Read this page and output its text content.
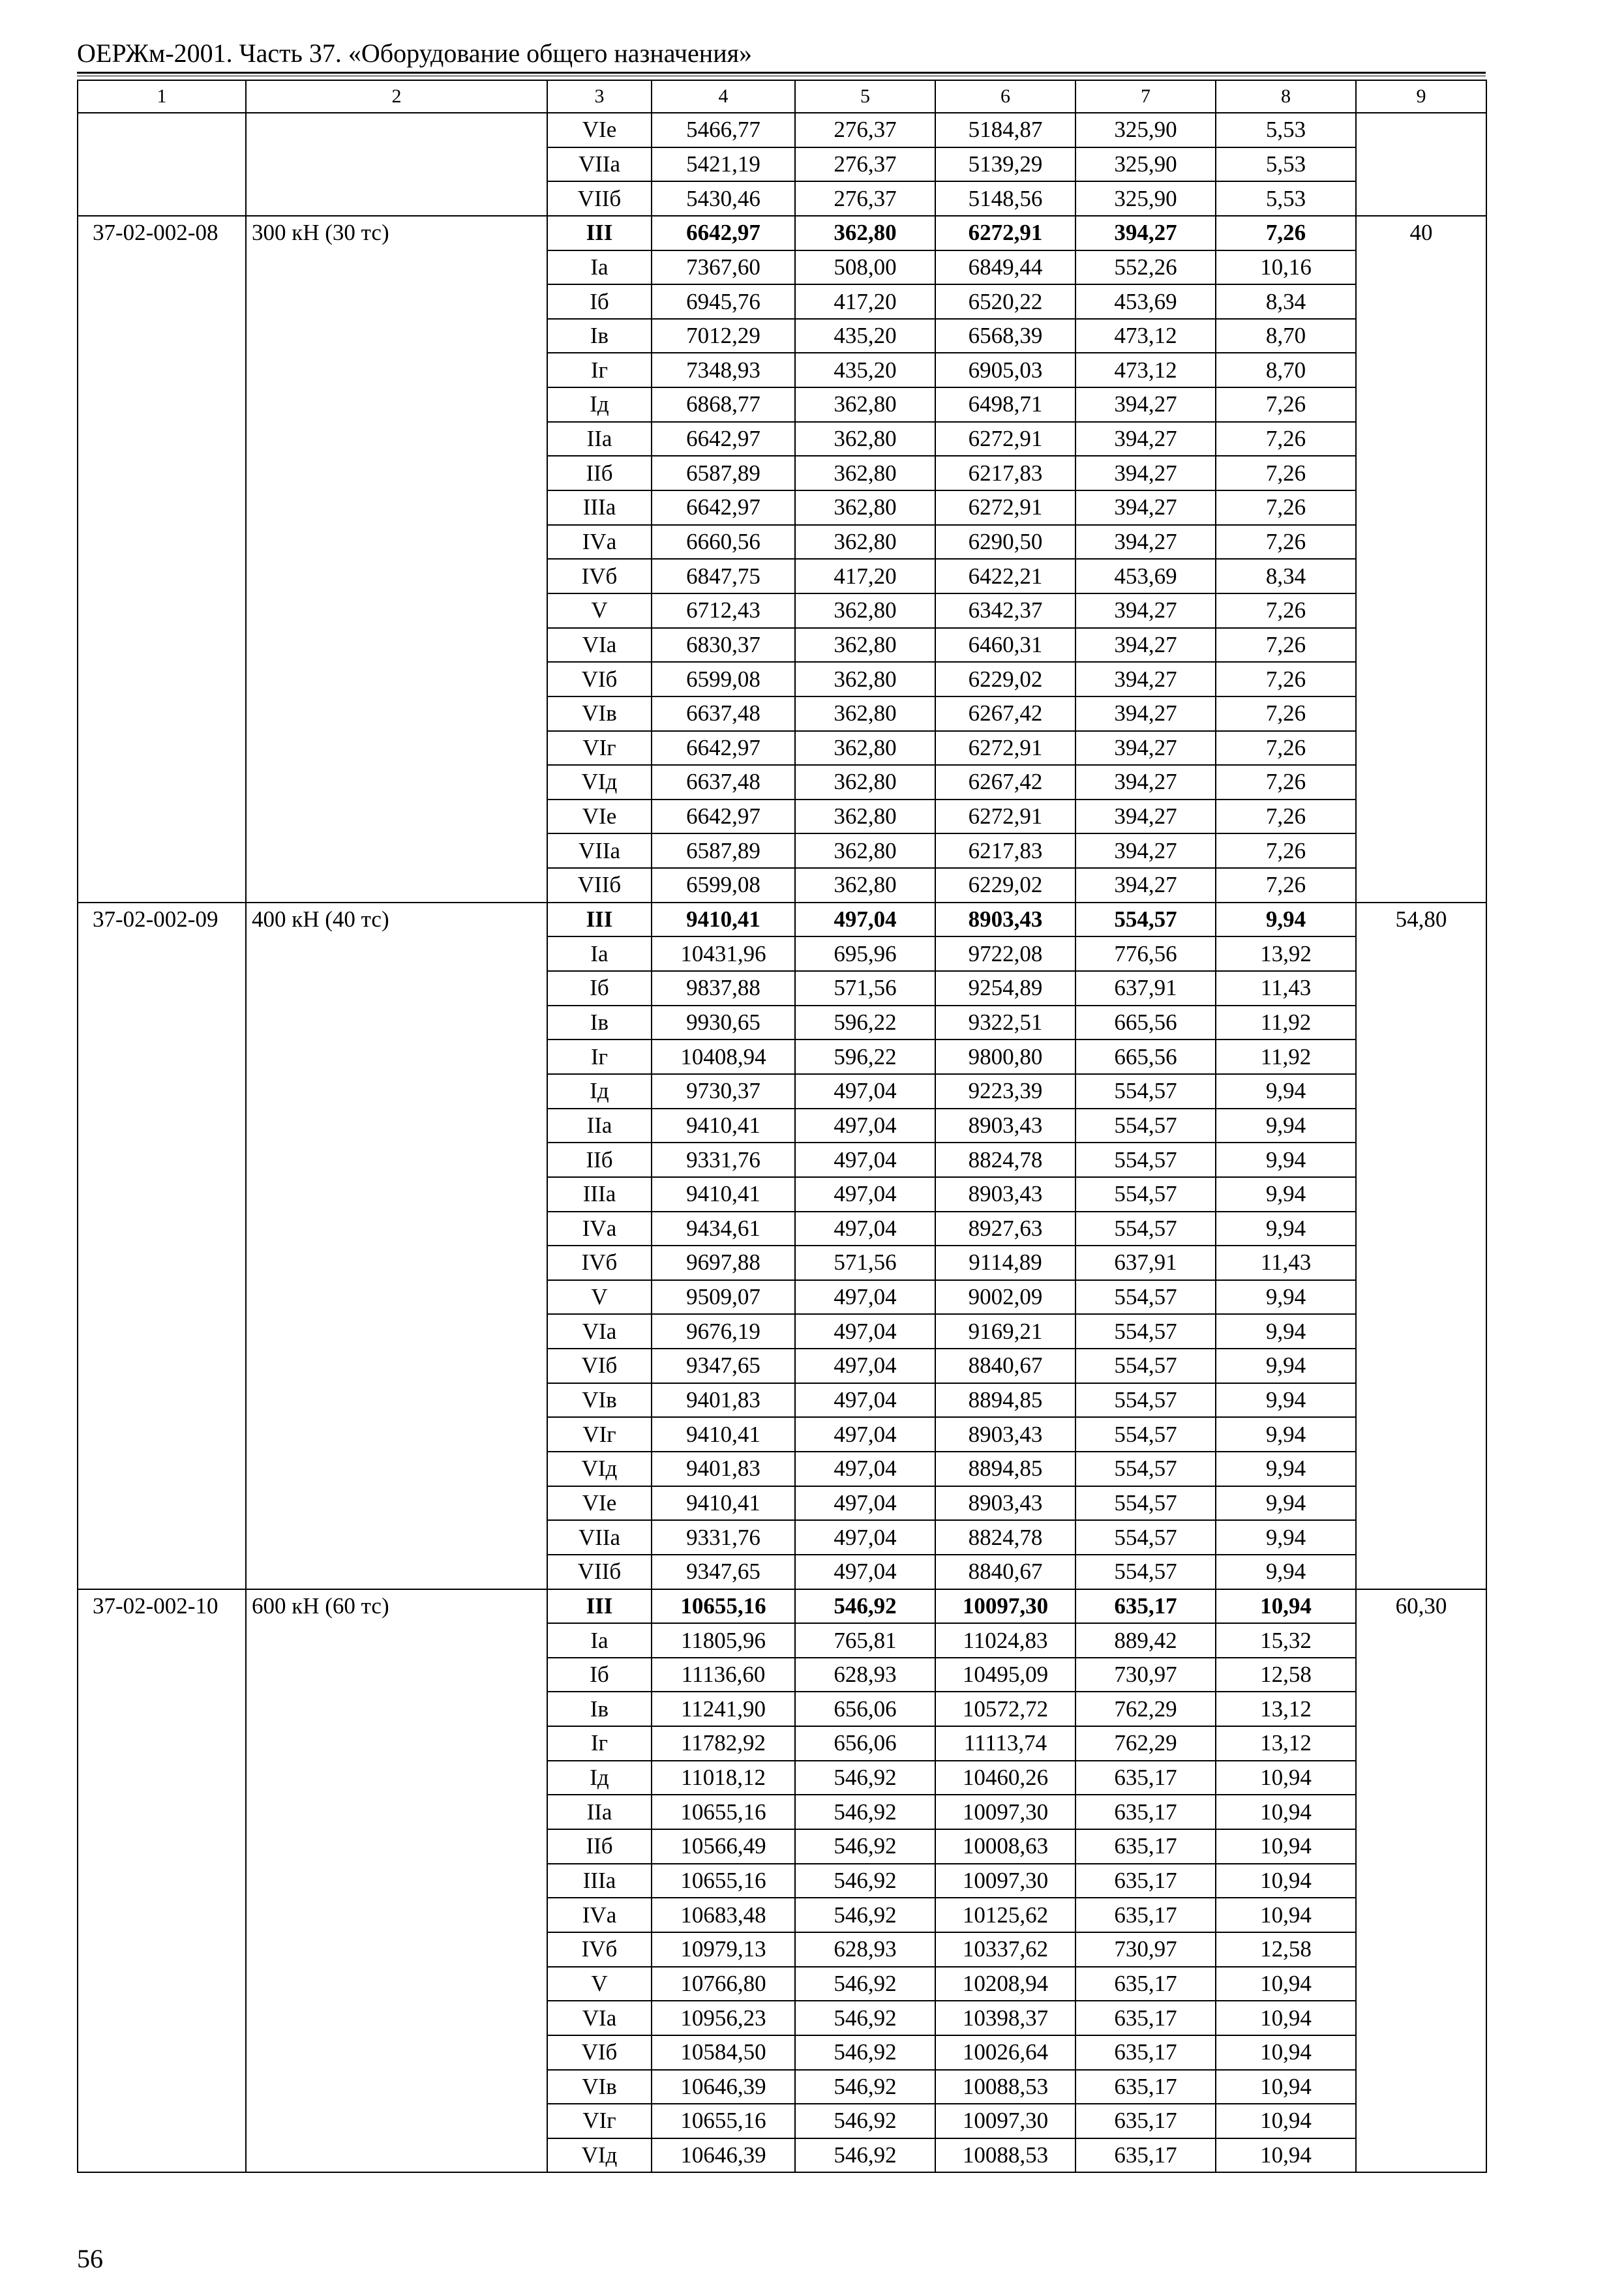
ОЕРЖм-2001. Часть 37. «Оборудование общего назначения»
1	2	3	4	5	6	7	8	9
		VIе	5466,77	276,37	5184,87	325,90	5,53	
		VIIа	5421,19	276,37	5139,29	325,90	5,53	
		VIIб	5430,46	276,37	5148,56	325,90	5,53	
37-02-002-08	300 кН (30 тс)	III	6642,97	362,80	6272,91	394,27	7,26	40
		Iа	7367,60	508,00	6849,44	552,26	10,16	
		Iб	6945,76	417,20	6520,22	453,69	8,34	
		Iв	7012,29	435,20	6568,39	473,12	8,70	
		Iг	7348,93	435,20	6905,03	473,12	8,70	
		Iд	6868,77	362,80	6498,71	394,27	7,26	
		IIа	6642,97	362,80	6272,91	394,27	7,26	
		IIб	6587,89	362,80	6217,83	394,27	7,26	
		IIIа	6642,97	362,80	6272,91	394,27	7,26	
		IVа	6660,56	362,80	6290,50	394,27	7,26	
		IVб	6847,75	417,20	6422,21	453,69	8,34	
		V	6712,43	362,80	6342,37	394,27	7,26	
		VIа	6830,37	362,80	6460,31	394,27	7,26	
		VIб	6599,08	362,80	6229,02	394,27	7,26	
		VIв	6637,48	362,80	6267,42	394,27	7,26	
		VIг	6642,97	362,80	6272,91	394,27	7,26	
		VIд	6637,48	362,80	6267,42	394,27	7,26	
		VIе	6642,97	362,80	6272,91	394,27	7,26	
		VIIа	6587,89	362,80	6217,83	394,27	7,26	
		VIIб	6599,08	362,80	6229,02	394,27	7,26	
37-02-002-09	400 кН (40 тс)	III	9410,41	497,04	8903,43	554,57	9,94	54,80
		Iа	10431,96	695,96	9722,08	776,56	13,92	
		Iб	9837,88	571,56	9254,89	637,91	11,43	
		Iв	9930,65	596,22	9322,51	665,56	11,92	
		Iг	10408,94	596,22	9800,80	665,56	11,92	
		Iд	9730,37	497,04	9223,39	554,57	9,94	
		IIа	9410,41	497,04	8903,43	554,57	9,94	
		IIб	9331,76	497,04	8824,78	554,57	9,94	
		IIIа	9410,41	497,04	8903,43	554,57	9,94	
		IVа	9434,61	497,04	8927,63	554,57	9,94	
		IVб	9697,88	571,56	9114,89	637,91	11,43	
		V	9509,07	497,04	9002,09	554,57	9,94	
		VIа	9676,19	497,04	9169,21	554,57	9,94	
		VIб	9347,65	497,04	8840,67	554,57	9,94	
		VIв	9401,83	497,04	8894,85	554,57	9,94	
		VIг	9410,41	497,04	8903,43	554,57	9,94	
		VIд	9401,83	497,04	8894,85	554,57	9,94	
		VIе	9410,41	497,04	8903,43	554,57	9,94	
		VIIа	9331,76	497,04	8824,78	554,57	9,94	
		VIIб	9347,65	497,04	8840,67	554,57	9,94	
37-02-002-10	600 кН (60 тс)	III	10655,16	546,92	10097,30	635,17	10,94	60,30
		Iа	11805,96	765,81	11024,83	889,42	15,32	
		Iб	11136,60	628,93	10495,09	730,97	12,58	
		Iв	11241,90	656,06	10572,72	762,29	13,12	
		Iг	11782,92	656,06	11113,74	762,29	13,12	
		Iд	11018,12	546,92	10460,26	635,17	10,94	
		IIа	10655,16	546,92	10097,30	635,17	10,94	
		IIб	10566,49	546,92	10008,63	635,17	10,94	
		IIIа	10655,16	546,92	10097,30	635,17	10,94	
		IVа	10683,48	546,92	10125,62	635,17	10,94	
		IVб	10979,13	628,93	10337,62	730,97	12,58	
		V	10766,80	546,92	10208,94	635,17	10,94	
		VIа	10956,23	546,92	10398,37	635,17	10,94	
		VIб	10584,50	546,92	10026,64	635,17	10,94	
		VIв	10646,39	546,92	10088,53	635,17	10,94	
		VIг	10655,16	546,92	10097,30	635,17	10,94	
		VIд	10646,39	546,92	10088,53	635,17	10,94	
56
